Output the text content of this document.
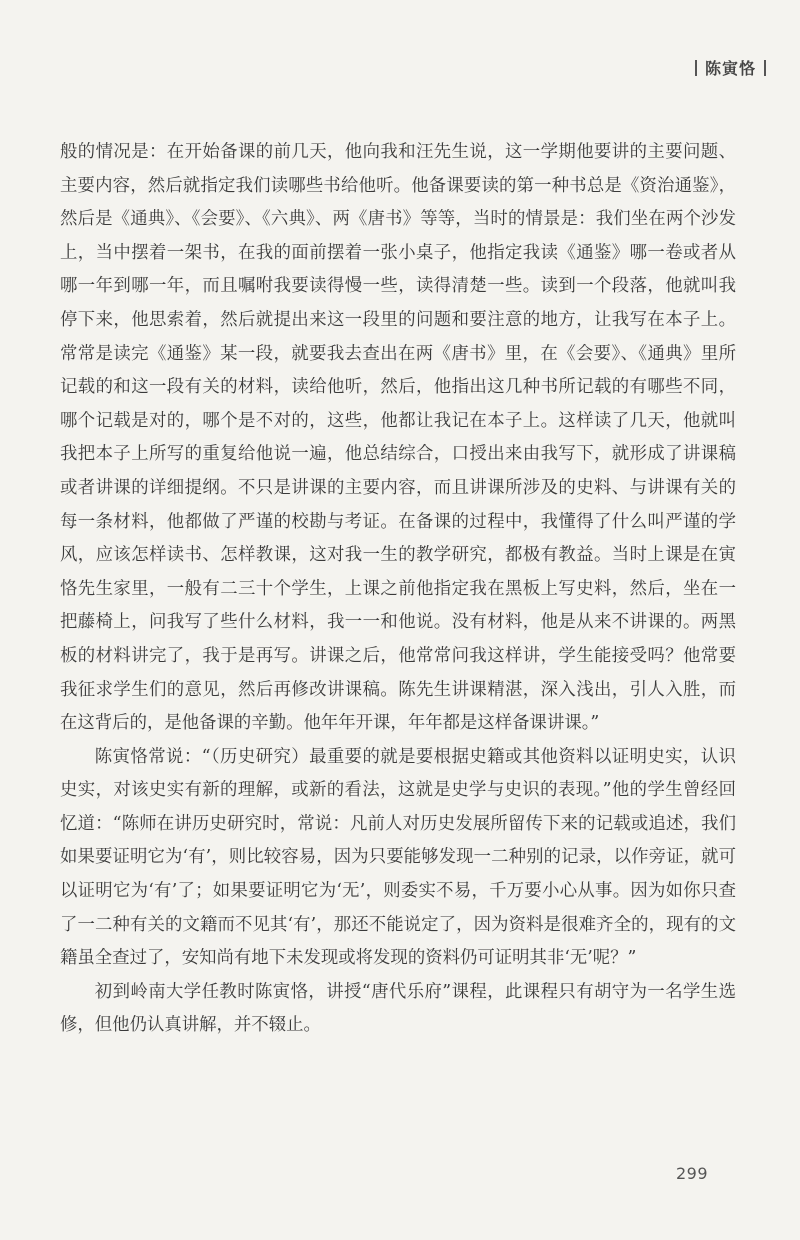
陈寅恪

般的情况是：在开始备课的前几天，他向我和汪先生说，这一学期他要讲的主要问题、主要内容，然后就指定我们读哪些书给他听。他备课要读的第一种书总是《资治通鉴》，然后是《通典》、《会要》、《六典》、两《唐书》等等，当时的情景是：我们坐在两个沙发上，当中摆着一架书，在我的面前摆着一张小桌子，他指定我读《通鉴》哪一卷或者从哪一年到哪一年，而且嘱咐我要读得慢一些，读得清楚一些。读到一个段落，他就叫我停下来，他思索着，然后就提出来这一段里的问题和要注意的地方，让我写在本子上。常常是读完《通鉴》某一段，就要我去查出在两《唐书》里，在《会要》、《通典》里所记载的和这一段有关的材料，读给他听，然后，他指出这几种书所记载的有哪些不同，哪个记载是对的，哪个是不对的，这些，他都让我记在本子上。这样读了几天，他就叫我把本子上所写的重复给他说一遍，他总结综合，口授出来由我写下，就形成了讲课稿或者讲课的详细提纲。不只是讲课的主要内容，而且讲课所涉及的史料、与讲课有关的每一条材料，他都做了严谨的校勘与考证。在备课的过程中，我懂得了什么叫严谨的学风，应该怎样读书、怎样教课，这对我一生的教学研究，都极有教益。当时上课是在寅恪先生家里，一般有二三十个学生，上课之前他指定我在黑板上写史料，然后，坐在一把藤椅上，问我写了些什么材料，我一一和他说。没有材料，他是从来不讲课的。两黑板的材料讲完了，我于是再写。讲课之后，他常常问我这样讲，学生能接受吗？他常要我征求学生们的意见，然后再修改讲课稿。陈先生讲课精湛，深入浅出，引人入胜，而在这背后的，是他备课的辛勤。他年年开课，年年都是这样备课讲课。”

陈寅恪常说：“（历史研究）最重要的就是要根据史籍或其他资料以证明史实，认识史实，对该史实有新的理解，或新的看法，这就是史学与史识的表现。”他的学生曾经回忆道：“陈师在讲历史研究时，常说：凡前人对历史发展所留传下来的记载或追述，我们如果要证明它为‘有’，则比较容易，因为只要能够发现一二种别的记录，以作旁证，就可以证明它为‘有’了；如果要证明它为‘无’，则委实不易，千万要小心从事。因为如你只查了一二种有关的文籍而不见其‘有’，那还不能说定了，因为资料是很难齐全的，现有的文籍虽全查过了，安知尚有地下未发现或将发现的资料仍可证明其非‘无’呢？”

初到岭南大学任教时陈寅恪，讲授“唐代乐府”课程，此课程只有胡守为一名学生选修，但他仍认真讲解，并不辍止。

299
